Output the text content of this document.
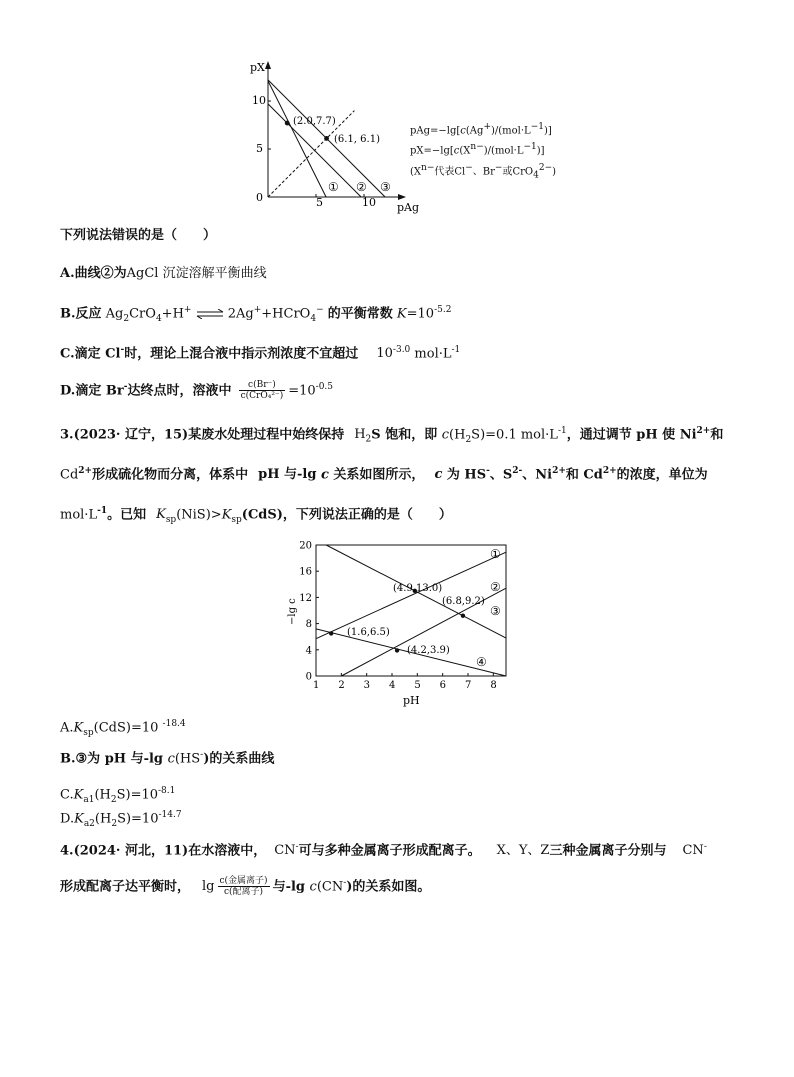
pX
pAg
0
5
10
5	10
(2.0,7.7)
(6.1, 6.1)
① ② ③
$pAg=-\lg[c(Ag^+)/(mol\cdot L^{-1})]$
$pX=-\lg[c(X^{n-})/(mol\cdot L^{-1})]$
($X^{n-}$代表Cl−、Br−或CrO$_4^{2-}$)
下列说法错误的是（　　）
A.曲线②为AgCl 沉淀溶解平衡曲线
B.反应 $Ag_2CrO_4+H^+$ ⇌ 2Ag++HCrO$_4$− 的平衡常数 $K=10^{-5.2}$
C.滴定 Cl-时，理论上混合液中指示剂浓度不宜超过 $10^{-3.0}$ $mol\cdot L^{-1}$
D.滴定 Br-达终点时，溶液中 $\frac{c(Br^-)}{\text{c(CrO₄²⁻)}} =10^{-0.5}$
3.(2023· 辽宁，15)某废水处理过程中始终保持 $H_2S$ 饱和，即 $c(H_2S)=0.1$ $mol\cdot L^{-1}$，通过调节 pH 使 $Ni^{2+}$和
$Cd^{2+}$形成硫化物而分离，体系中 pH 与-lg c 关系如图所示， c 为 HS-、$S^{2-}$、$Ni^{2+}$和 $Cd^{2+}$的浓度，单位为
$mol\cdot L^{-1}$。已知 $K_{sp}(NiS)>K_{sp}(CdS)$，下列说法正确的是（　　）
1 2 3 4 5 6 7 8
0
4
8
12
16
20
−lg c
pH
(4.9,13.0)
(6.8,9.2)
(1.6,6.5)
(4.2,3.9)
①
②
③
④
$A.K_{sp}(CdS)=10$ $^{-18.4}$
B.③为 pH 与-lg c(HS-)的关系曲线
$C.K_{a1}(H_2S)=10^{-8.1}$
$D.K_{a2}(H_2S)=10^{-14.7}$
4.(2024· 河北，11)在水溶液中， CN-可与多种金属离子形成配离子。 X、Y、Z三种金属离子分别与 CN-
形成配离子达平衡时， $\lg \frac{\text{c(金属离子)}}{\text{c(配离子)}}$ 与-lg c(CN-)的关系如图。
